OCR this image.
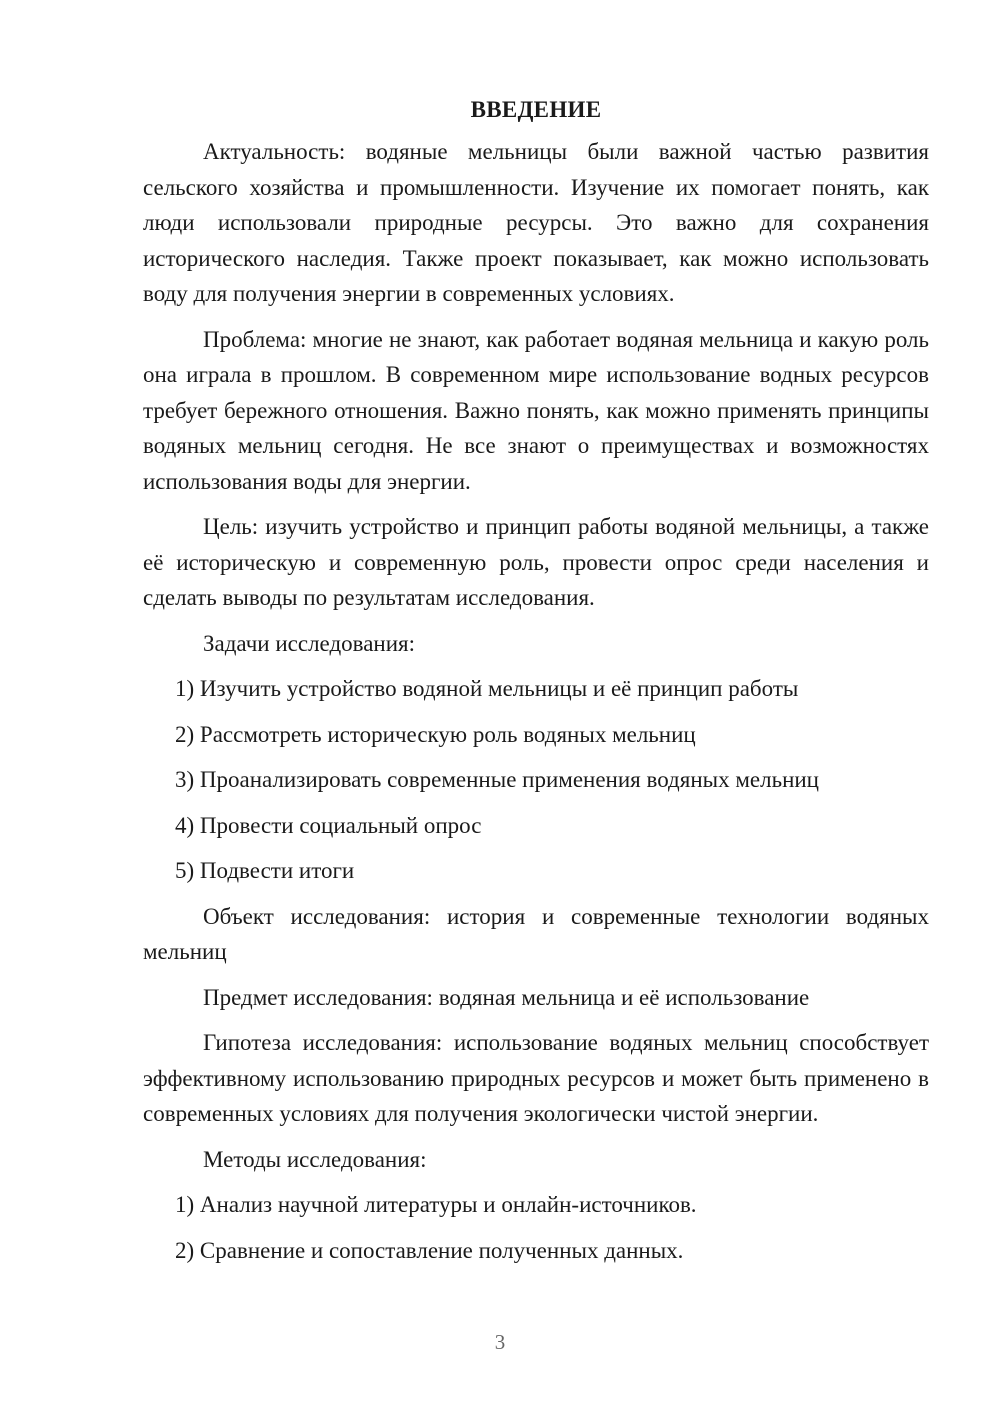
ВВЕДЕНИЕ

Актуальность: водяные мельницы были важной частью развития сельского хозяйства и промышленности. Изучение их помогает понять, как люди использовали природные ресурсы. Это важно для сохранения исторического наследия. Также проект показывает, как можно использовать воду для получения энергии в современных условиях.

Проблема: многие не знают, как работает водяная мельница и какую роль она играла в прошлом. В современном мире использование водных ресурсов требует бережного отношения. Важно понять, как можно применять принципы водяных мельниц сегодня. Не все знают о преимуществах и возможностях использования воды для энергии.

Цель: изучить устройство и принцип работы водяной мельницы, а также её историческую и современную роль, провести опрос среди населения и сделать выводы по результатам исследования.

Задачи исследования:

1) Изучить устройство водяной мельницы и её принцип работы
2) Рассмотреть историческую роль водяных мельниц
3) Проанализировать современные применения водяных мельниц
4) Провести социальный опрос
5) Подвести итоги

Объект исследования: история и современные технологии водяных мельниц

Предмет исследования: водяная мельница и её использование

Гипотеза исследования: использование водяных мельниц способствует эффективному использованию природных ресурсов и может быть применено в современных условиях для получения экологически чистой энергии.

Методы исследования:

1) Анализ научной литературы и онлайн-источников.
2) Сравнение и сопоставление полученных данных.
3
